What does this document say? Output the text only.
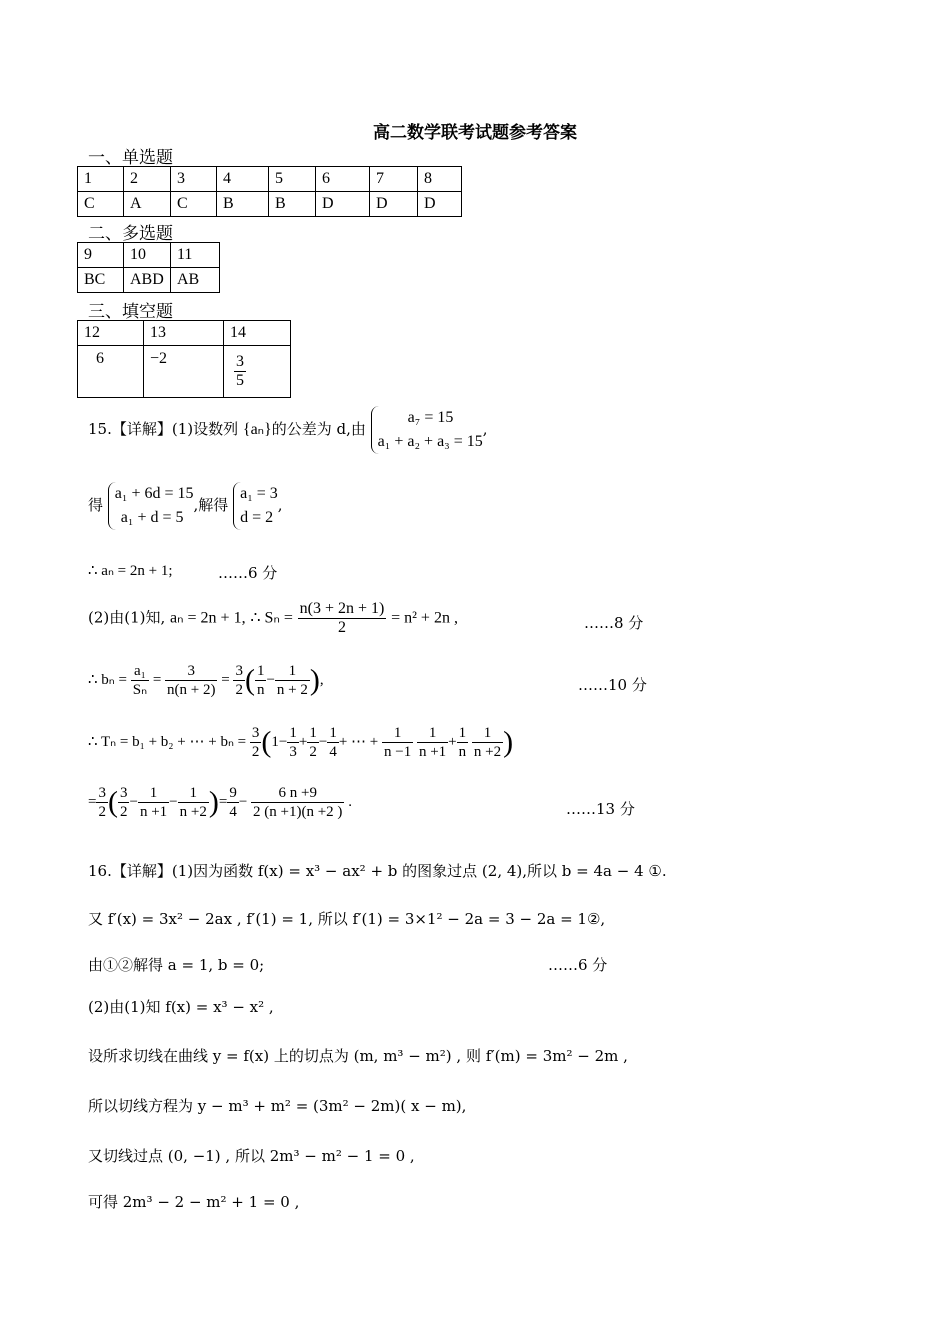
高二数学联考试题参考答案
一、单选题
1	2	3	4	5	6	7	8
C	A	C	B	B	D	D	D
二、多选题
9	10	11
BC	ABD	AB
三、填空题
12	13	14
6	−2	$\frac{3}{5}$
15.【详解】(1)设数列 {aₙ}的公差为 d,由
a₇ = 15
a₁ + a₂ + a₃ = 15
,
得
a₁ + 6d = 15
a₁ + d = 5
,解得
a₁ = 3
d = 2
,
∴ aₙ = 2n + 1;	……6 分
(2)由(1)知, aₙ = 2n + 1, ∴ $S_n = \frac{n(3 + 2n + 1)}{2} = n^2 + 2n$ ,	……8 分
∴ $b_n = \frac{\text{a₁}}{\text{Sₙ}} = \frac{3}{n(n + 2)} = \frac{3}{2}$ ( $\frac{1}{n} - \frac{1}{n + 2}$ ),	……10 分
∴ Tₙ = b₁ + b₂ + ⋯ + $b_n = \frac{3}{2} (1- \frac{1}{3} + \frac{1}{2} - \frac{1}{4}$ + ⋯ + $\frac{1}{n -1}$
$\frac{1}{n +1} + \frac{1}{n}$
$\frac{1}{n +2}$ )
= $\frac{3}{2}$ ( $\frac{3}{2} - \frac{1}{n +1} - \frac{1}{n +2}$ )= $\frac{9}{4} - \frac{6 n +9}{2 (n +1)(n +2 )}$ .	……13 分
16.【详解】(1)因为函数 f(x) = x³ − ax² + b 的图象过点 (2, 4),所以 b = 4a − 4 ①.
又 f′(x) = 3x² − 2ax , f′(1) = 1, 所以 f′(1) = 3×1² − 2a = 3 − 2a = 1②,
由①②解得 a = 1, b = 0;	……6 分
(2)由(1)知 f(x) = x³ − x² ,
设所求切线在曲线 y = f(x) 上的切点为 (m, m³ − m²) , 则 f′(m) = 3m² − 2m ,
所以切线方程为 y − m³ + m² = (3m² − 2m)( x − m),
又切线过点 (0, −1) , 所以 2m³ − m² − 1 = 0 ,
可得 2m³ − 2 − m² + 1 = 0 ,
